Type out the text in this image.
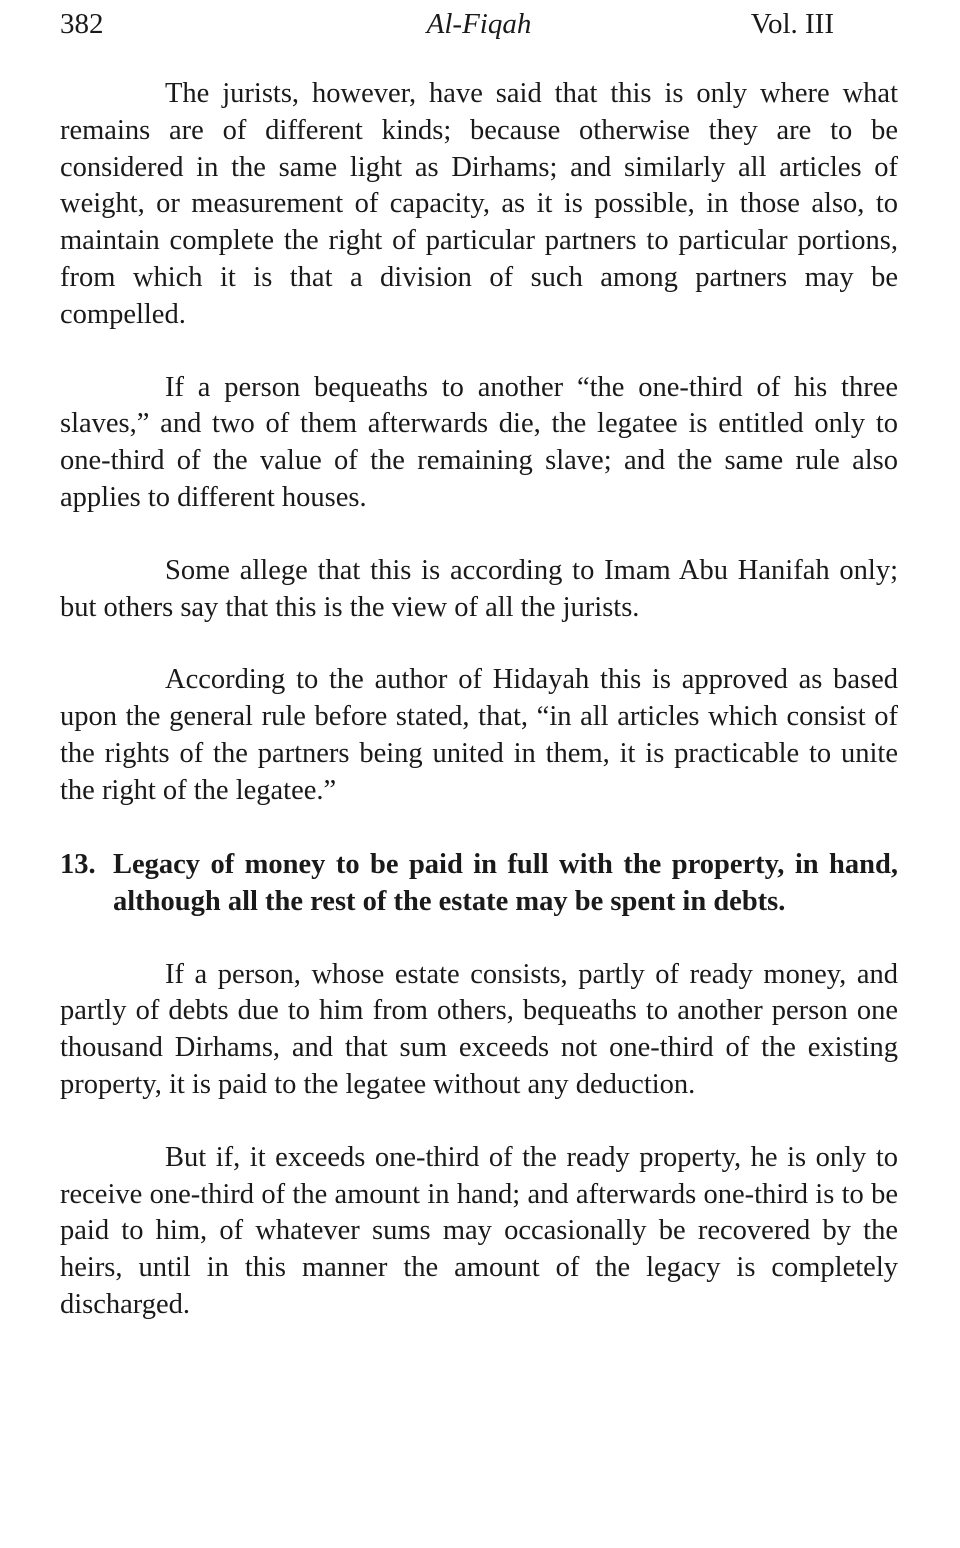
382	Al-Fiqah	Vol. III

The jurists, however, have said that this is only where what remains are of different kinds; because otherwise they are to be considered in the same light as Dirhams; and similarly all articles of weight, or measurement of capacity, as it is possible, in those also, to maintain complete the right of particular partners to particular portions, from which it is that a division of such among partners may be compelled.

If a person bequeaths to another “the one-third of his three slaves,” and two of them afterwards die, the legatee is entitled only to one-third of the value of the remaining slave; and the same rule also applies to different houses.

Some allege that this is according to Imam Abu Hanifah only; but others say that this is the view of all the jurists.

According to the author of Hidayah this is approved as based upon the general rule before stated, that, “in all articles which consist of the rights of the partners being united in them, it is practicable to unite the right of the legatee.”

13. Legacy of money to be paid in full with the property, in hand, although all the rest of the estate may be spent in debts.

If a person, whose estate consists, partly of ready money, and partly of debts due to him from others, bequeaths to another person one thousand Dirhams, and that sum exceeds not one-third of the existing property, it is paid to the legatee without any deduction.

But if, it exceeds one-third of the ready property, he is only to receive one-third of the amount in hand; and afterwards one-third is to be paid to him, of whatever sums may occasionally be recovered by the heirs, until in this manner the amount of the legacy is completely discharged.
